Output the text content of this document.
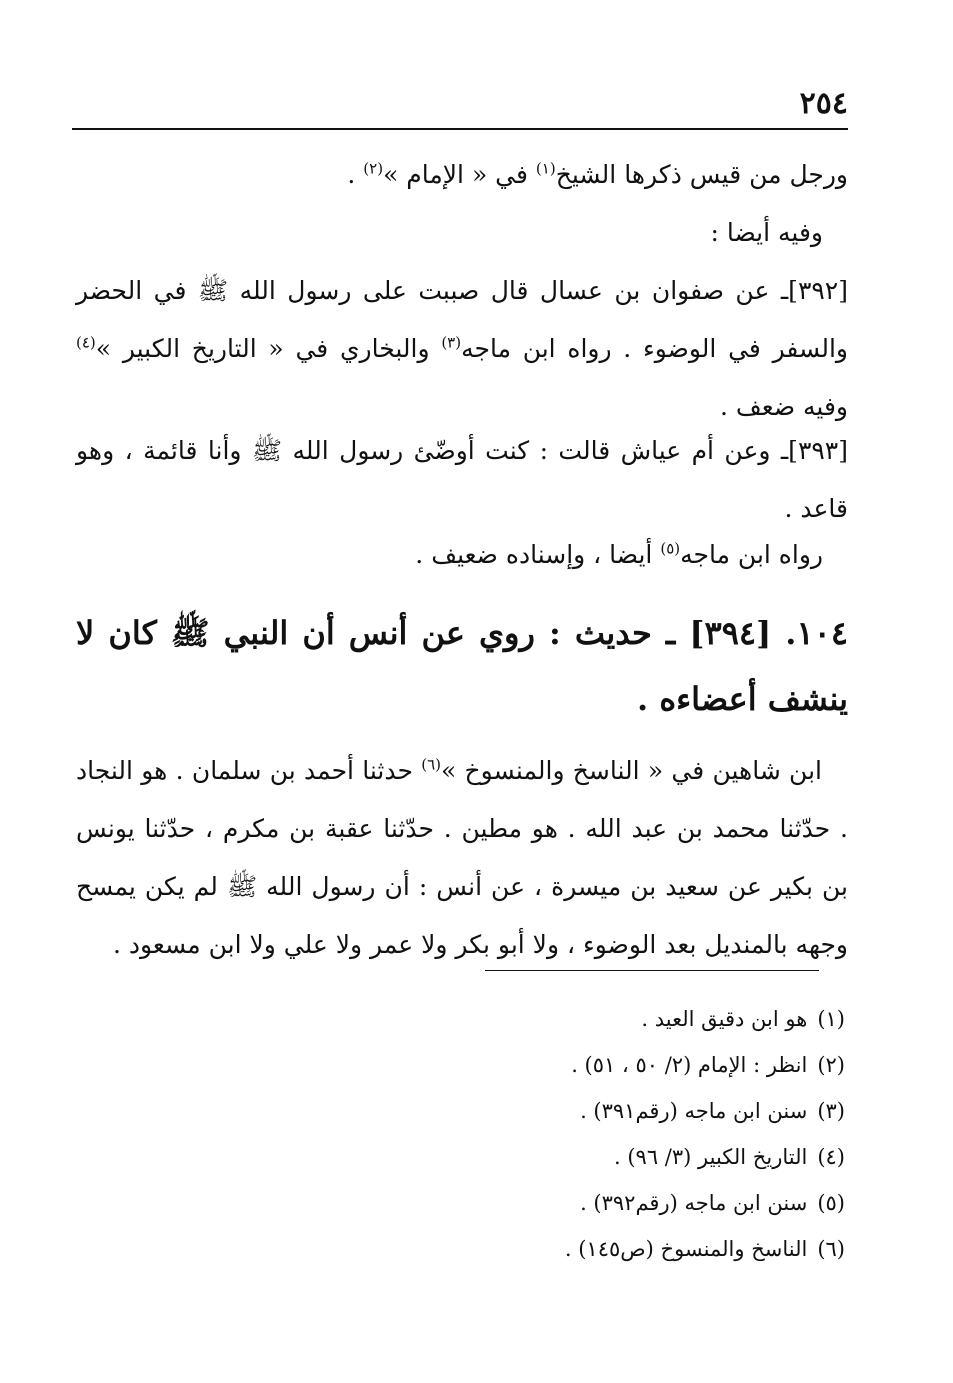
٢٥٤
ورجل من قيس ذكرها الشيخ$^{(١)}$ في « الإمام »$^{(٢)}$ .
وفيه أيضا :
[٣٩٢]ـ عن صفوان بن عسال قال صببت على رسول الله ﷺ في الحضر والسفر في الوضوء . رواه ابن ماجه$^{(٣)}$ والبخاري في « التاريخ الكبير »$^{(٤)}$ وفيه ضعف .
[٣٩٣]ـ وعن أم عياش قالت : كنت أوضّئ رسول الله ﷺ وأنا قائمة ، وهو قاعد .
رواه ابن ماجه$^{(٥)}$ أيضا ، وإسناده ضعيف .
١٠٤. [٣٩٤] ـ حديث : روي عن أنس أن النبي ﷺ كان لا ينشف أعضاءه .
ابن شاهين في « الناسخ والمنسوخ »$^{(٦)}$ حدثنا أحمد بن سلمان . هو النجاد . حدّثنا محمد بن عبد الله . هو مطين . حدّثنا عقبة بن مكرم ، حدّثنا يونس بن بكير عن سعيد بن ميسرة ، عن أنس : أن رسول الله ﷺ لم يكن يمسح وجهه بالمنديل بعد الوضوء ، ولا أبو بكر ولا عمر ولا علي ولا ابن مسعود .
(١)هو ابن دقيق العيد .
(٢)انظر : الإمام (٢/ ٥٠ ، ٥١) .
(٣)سنن ابن ماجه (رقم٣٩١) .
(٤)التاريخ الكبير (٣/ ٩٦) .
(٥)سنن ابن ماجه (رقم٣٩٢) .
(٦)الناسخ والمنسوخ (ص١٤٥) .
